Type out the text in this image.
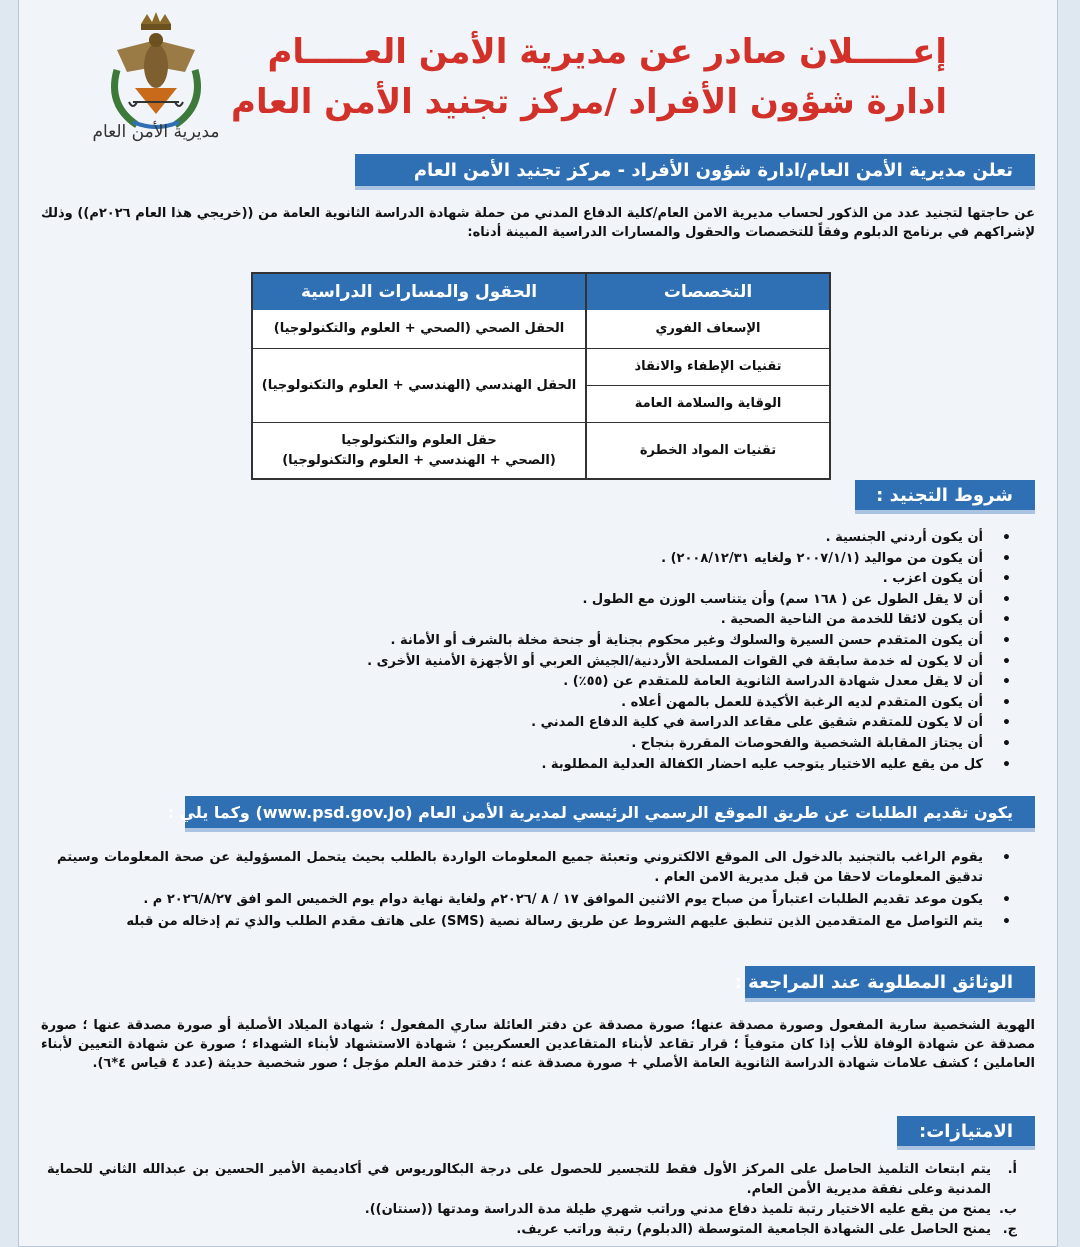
مديرية الأمن العام
إعـــــلان صادر عن مديرية الأمن العـــــام
ادارة شؤون الأفراد /مركز تجنيد الأمن العام
تعلن مديرية الأمن العام/ادارة شؤون الأفراد - مركز تجنيد الأمن العام
عن حاجتها لتجنيد عدد من الذكور لحساب مديرية الامن العام/كلية الدفاع المدني من حملة شهادة الدراسة الثانوية العامة من ((خريجي هذا العام ٢٠٢٦م)) وذلك لإشراكهم في برنامج الدبلوم وفقاً للتخصصات والحقول والمسارات الدراسية المبينة أدناه:
التخصصات
الحقول والمسارات الدراسية
الإسعاف الفوري
الحقل الصحي (الصحي + العلوم والتكنولوجيا)
تقنيات الإطفاء والانقاذ
الوقاية والسلامة العامة
الحقل الهندسي (الهندسي + العلوم والتكنولوجيا)
تقنيات المواد الخطرة
حقل العلوم والتكنولوجيا
(الصحي + الهندسي + العلوم والتكنولوجيا)
شروط التجنيد :
• أن يكون أردني الجنسية .
• أن يكون من مواليد (٢٠٠٧/١/١ ولغايه ٢٠٠٨/١٢/٣١) .
• أن يكون اعزب .
• أن لا يقل الطول عن ( ١٦٨ سم) وأن يتناسب الوزن مع الطول .
• أن يكون لائقا للخدمة من الناحية الصحية .
• أن يكون المتقدم حسن السيرة والسلوك وغير محكوم بجناية أو جنحة مخلة بالشرف أو الأمانة .
• أن لا يكون له خدمة سابقة في القوات المسلحة الأردنية/الجيش العربي أو الأجهزة الأمنية الأخرى .
• أن لا يقل معدل شهادة الدراسة الثانوية العامة للمتقدم عن (٥٥٪) .
• أن يكون المتقدم لديه الرغبة الأكيدة للعمل بالمهن أعلاه .
• أن لا يكون للمتقدم شقيق على مقاعد الدراسة في كلية الدفاع المدني .
• أن يجتاز المقابلة الشخصية والفحوصات المقررة بنجاح .
• كل من يقع عليه الاختيار يتوجب عليه احضار الكفالة العدلية المطلوبة .
يكون تقديم الطلبات عن طريق الموقع الرسمي الرئيسي لمديرية الأمن العام (www.psd.gov.Jo) وكما يلي :
• يقوم الراغب بالتجنيد بالدخول الى الموقع الالكتروني وتعبئة جميع المعلومات الواردة بالطلب بحيث يتحمل المسؤولية عن صحة المعلومات وسيتم تدقيق المعلومات لاحقا من قبل مديرية الامن العام .
• يكون موعد تقديم الطلبات اعتباراً من صباح يوم الاثنين الموافق ١٧ / ٨ /٢٠٢٦م ولغاية نهاية دوام يوم الخميس المو افق ٢٠٢٦/٨/٢٧ م .
• يتم التواصل مع المتقدمين الذين تنطبق عليهم الشروط عن طريق رسالة نصية (SMS) على هاتف مقدم الطلب والذي تم إدخاله من قبله
الوثائق المطلوبة عند المراجعة :
الهوية الشخصية سارية المفعول وصورة مصدقة عنها؛ صورة مصدقة عن دفتر العائلة ساري المفعول ؛ شهادة الميلاد الأصلية أو صورة مصدقة عنها ؛ صورة مصدقة عن شهادة الوفاة للأب إذا كان متوفياً ؛ قرار تقاعد لأبناء المتقاعدين العسكريين ؛ شهادة الاستشهاد لأبناء الشهداء ؛ صورة عن شهادة التعيين لأبناء العاملين ؛ كشف علامات شهادة الدراسة الثانوية العامة الأصلي + صورة مصدقة عنه ؛ دفتر خدمة العلم مؤجل ؛ صور شخصية حديثة (عدد ٤ قياس ٤*٦).
الامتيازات:
أ.
يتم ابتعاث التلميذ الحاصل على المركز الأول فقط للتجسير للحصول على درجة البكالوريوس في أكاديمية الأمير الحسين بن عبدالله الثاني للحماية المدنية وعلى نفقة مديرية الأمن العام.
ب.
يمنح من يقع عليه الاختيار رتبة تلميذ دفاع مدني وراتب شهري طيلة مدة الدراسة ومدتها ((سنتان)).
ج.
يمنح الحاصل على الشهادة الجامعية المتوسطة (الدبلوم) رتبة وراتب عريف.
